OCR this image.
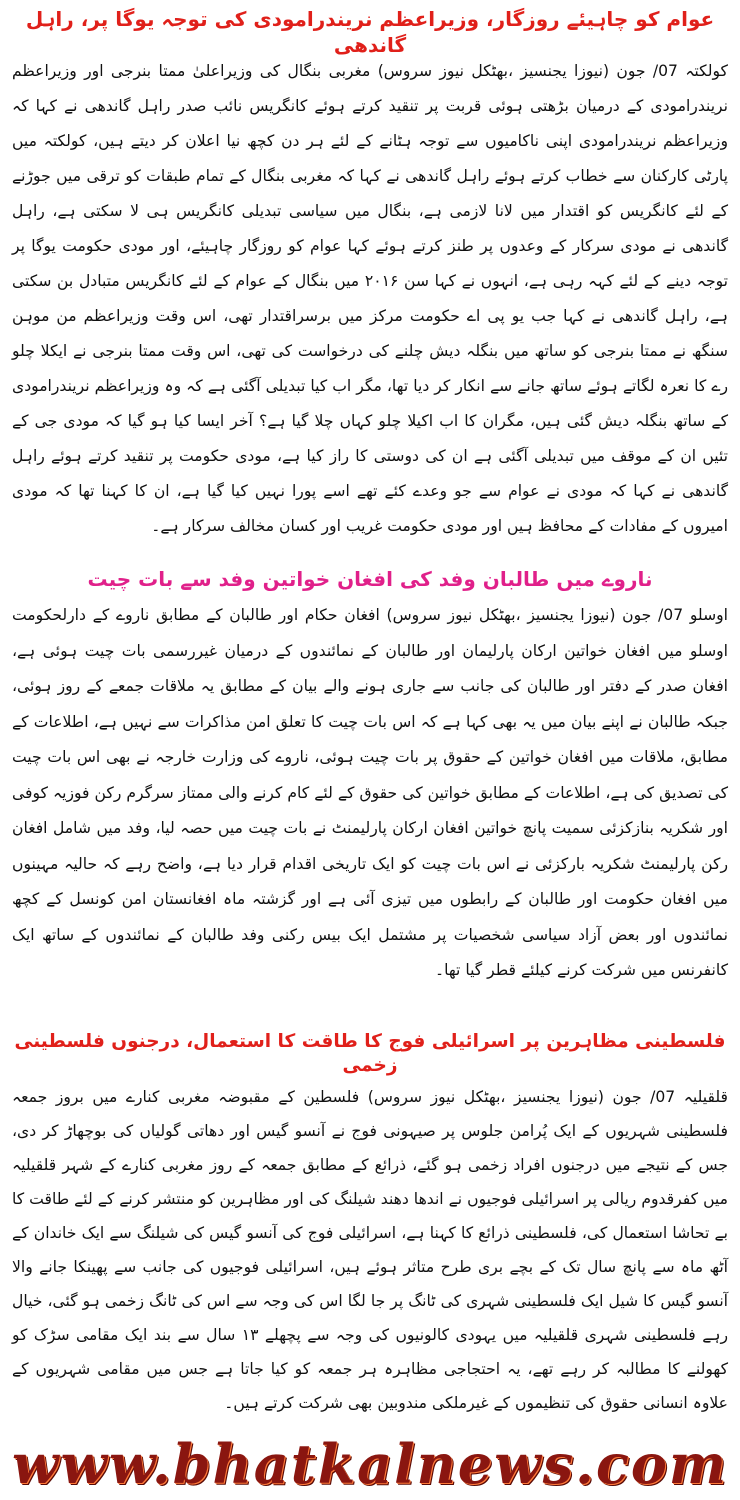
عوام کو چاہیئے روزگار، وزیراعظم نریندرامودی کی توجہ یوگا پر، راہل گاندھی

کولکتہ 07/ جون (نیوزا یجنسیز ،بھٹکل نیوز سروس) مغربی بنگال کی وزیراعلیٰ ممتا بنرجی اور وزیراعظم نریندرامودی کے درمیان بڑھتی ہوئی قربت پر تنقید کرتے ہوئے کانگریس نائب صدر راہل گاندھی نے کہا کہ وزیراعظم نریندرامودی اپنی ناکامیوں سے توجہ ہٹانے کے لئے ہر دن کچھ نیا اعلان کر دیتے ہیں، کولکتہ میں پارٹی کارکنان سے خطاب کرتے ہوئے راہل گاندھی نے کہا کہ مغربی بنگال کے تمام طبقات کو ترقی میں جوڑنے کے لئے کانگریس کو اقتدار میں لانا لازمی ہے، بنگال میں سیاسی تبدیلی کانگریس ہی لا سکتی ہے، راہل گاندھی نے مودی سرکار کے وعدوں پر طنز کرتے ہوئے کہا عوام کو روزگار چاہیئے، اور مودی حکومت یوگا پر توجہ دینے کے لئے کہہ رہی ہے، انہوں نے کہا سن ۲۰۱۶ میں بنگال کے عوام کے لئے کانگریس متبادل بن سکتی ہے، راہل گاندھی نے کہا جب یو پی اے حکومت مرکز میں برسراقتدار تھی، اس وقت وزیراعظم من موہن سنگھ نے ممتا بنرجی کو ساتھ میں بنگلہ دیش چلنے کی درخواست کی تھی، اس وقت ممتا بنرجی نے ایکلا چلو رے کا نعرہ لگاتے ہوئے ساتھ جانے سے انکار کر دیا تھا، مگر اب کیا تبدیلی آگئی ہے کہ وہ وزیراعظم نریندرامودی کے ساتھ بنگلہ دیش گئی ہیں، مگران کا اب اکیلا چلو کہاں چلا گیا ہے؟ آخر ایسا کیا ہو گیا کہ مودی جی کے تئیں ان کے موقف میں تبدیلی آگئی ہے ان کی دوستی کا راز کیا ہے، مودی حکومت پر تنقید کرتے ہوئے راہل گاندھی نے کہا کہ مودی نے عوام سے جو وعدے کئے تھے اسے پورا نہیں کیا گیا ہے، ان کا کہنا تھا کہ مودی امیروں کے مفادات کے محافظ ہیں اور مودی حکومت غریب اور کسان مخالف سرکار ہے۔

ناروے میں طالبان وفد کی افغان خواتین وفد سے بات چیت

اوسلو 07/ جون (نیوزا یجنسیز ،بھٹکل نیوز سروس) افغان حکام اور طالبان کے مطابق ناروے کے دارلحکومت اوسلو میں افغان خواتین ارکان پارلیمان اور طالبان کے نمائندوں کے درمیان غیررسمی بات چیت ہوئی ہے، افغان صدر کے دفتر اور طالبان کی جانب سے جاری ہونے والے بیان کے مطابق یہ ملاقات جمعے کے روز ہوئی، جبکہ طالبان نے اپنے بیان میں یہ بھی کہا ہے کہ اس بات چیت کا تعلق امن مذاکرات سے نہیں ہے، اطلاعات کے مطابق، ملاقات میں افغان خواتین کے حقوق پر بات چیت ہوئی، ناروے کی وزارت خارجہ نے بھی اس بات چیت کی تصدیق کی ہے، اطلاعات کے مطابق خواتین کی حقوق کے لئے کام کرنے والی ممتاز سرگرم رکن فوزیہ کوفی اور شکریہ بنازکزئی سمیت پانچ خواتین افغان ارکان پارلیمنٹ نے بات چیت میں حصہ لیا، وفد میں شامل افغان رکن پارلیمنٹ شکریہ بارکزئی نے اس بات چیت کو ایک تاریخی اقدام قرار دیا ہے، واضح رہے کہ حالیہ مہینوں میں افغان حکومت اور طالبان کے رابطوں میں تیزی آئی ہے اور گزشتہ ماہ افغانستان امن کونسل کے کچھ نمائندوں اور بعض آزاد سیاسی شخصیات پر مشتمل ایک بیس رکنی وفد طالبان کے نمائندوں کے ساتھ ایک کانفرنس میں شرکت کرنے کیلئے قطر گیا تھا۔

فلسطینی مظاہرین پر اسرائیلی فوج کا طاقت کا استعمال، درجنوں فلسطینی زخمی

قلقیلیہ 07/ جون (نیوزا یجنسیز ،بھٹکل نیوز سروس) فلسطین کے مقبوضہ مغربی کنارے میں بروز جمعہ فلسطینی شہریوں کے ایک پُرامن جلوس پر صیہونی فوج نے آنسو گیس اور دھاتی گولیاں کی بوچھاڑ کر دی، جس کے نتیجے میں درجنوں افراد زخمی ہو گئے، ذرائع کے مطابق جمعہ کے روز مغربی کنارے کے شہر قلقیلیہ میں کفرقدوم ریالی پر اسرائیلی فوجیوں نے اندھا دھند شیلنگ کی اور مظاہرین کو منتشر کرنے کے لئے طاقت کا بے تحاشا استعمال کی، فلسطینی ذرائع کا کہنا ہے، اسرائیلی فوج کی آنسو گیس کی شیلنگ سے ایک خاندان کے آٹھ ماہ سے پانچ سال تک کے بچے بری طرح متاثر ہوئے ہیں، اسرائیلی فوجیوں کی جانب سے پھینکا جانے والا آنسو گیس کا شیل ایک فلسطینی شہری کی ٹانگ پر جا لگا اس کی وجہ سے اس کی ٹانگ زخمی ہو گئی، خیال رہے فلسطینی شہری قلقیلیہ میں یہودی کالونیوں کی وجہ سے پچھلے ۱۳ سال سے بند ایک مقامی سڑک کو کھولنے کا مطالبہ کر رہے تھے، یہ احتجاجی مظاہرہ ہر جمعہ کو کیا جاتا ہے جس میں مقامی شہریوں کے علاوہ انسانی حقوق کی تنظیموں کے غیرملکی مندوبین بھی شرکت کرتے ہیں۔

www.bhatkalnews.com
